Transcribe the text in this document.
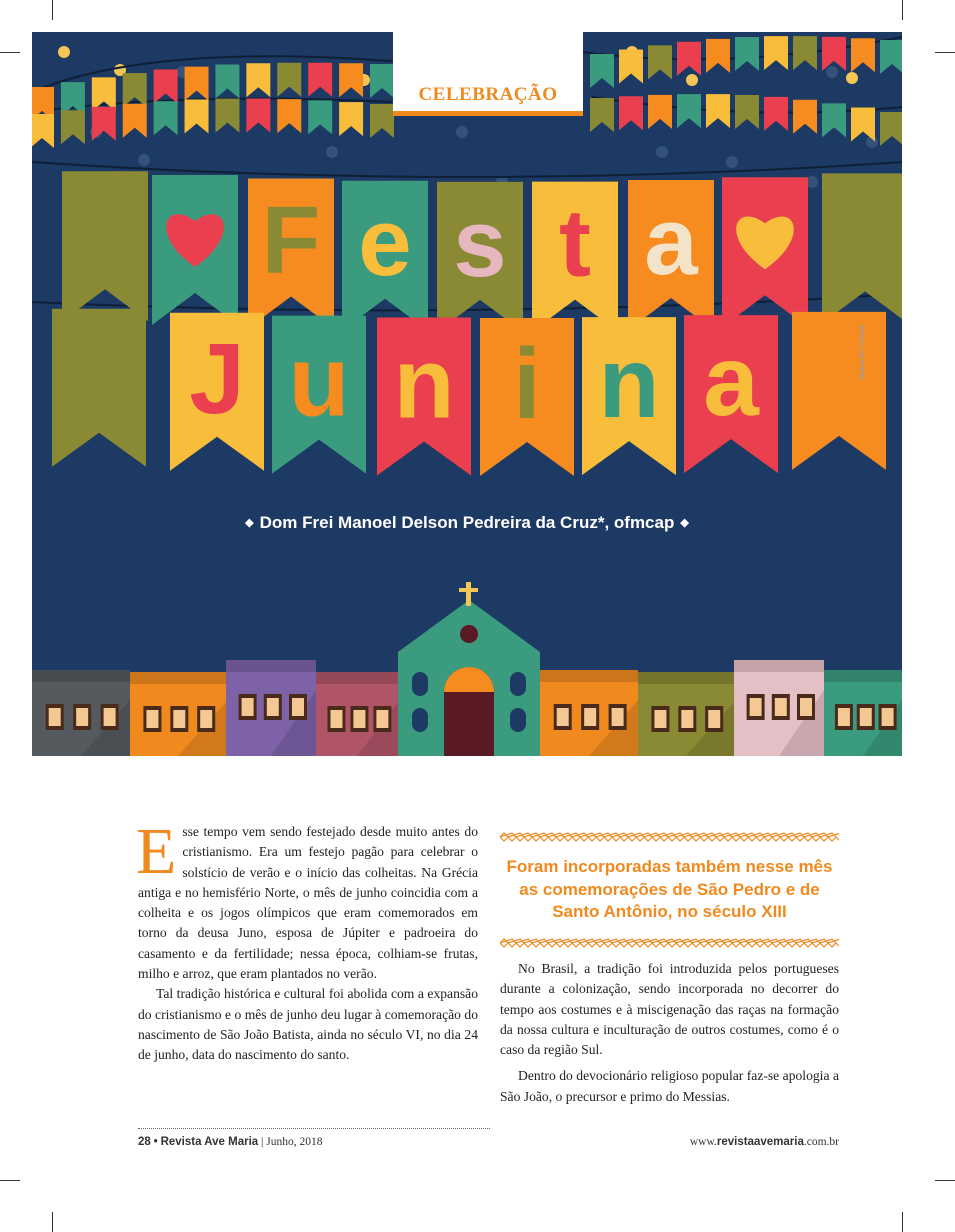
F e s t a
J u n i n a
CELEBRAÇÃO
Ilustração Freepik
◆ Dom Frei Manoel Delson Pedreira da Cruz*, ofmcap ◆

Esse tempo vem sendo festejado desde muito antes do cristianismo. Era um festejo pagão para celebrar o solstício de verão e o início das colheitas. Na Grécia antiga e no hemisfério Norte, o mês de junho coincidia com a colheita e os jogos olímpicos que eram comemorados em torno da deusa Juno, esposa de Júpiter e padroeira do casamento e da fertilidade; nessa época, colhiam-se frutas, milho e arroz, que eram plantados no verão.

Tal tradição histórica e cultural foi abolida com a expansão do cristianismo e o mês de junho deu lugar à comemoração do nascimento de São João Batista, ainda no século VI, no dia 24 de junho, data do nascimento do santo.

Foram incorporadas também nesse mês as comemorações de São Pedro e de Santo Antônio, no século XIII

No Brasil, a tradição foi introduzida pelos portugueses durante a colonização, sendo incorporada no decorrer do tempo aos costumes e à miscigenação das raças na formação da nossa cultura e inculturação de outros costumes, como é o caso da região Sul.

Dentro do devocionário religioso popular faz-se apologia a São João, o precursor e primo do Messias.

28 • Revista Ave Maria | Junho, 2018	www.revistaavemaria.com.br
